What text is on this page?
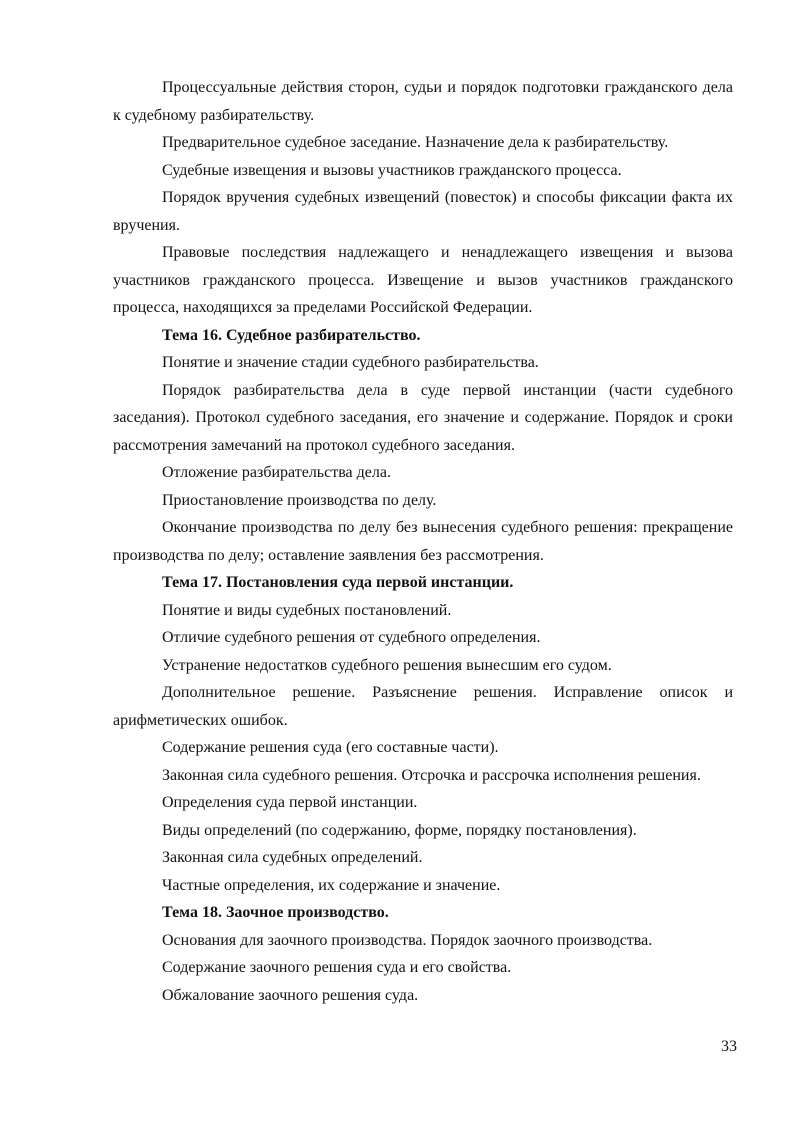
Процессуальные действия сторон, судьи и порядок подготовки гражданского дела к судебному разбирательству.

Предварительное судебное заседание. Назначение дела к разбирательству.

Судебные извещения и вызовы участников гражданского процесса.

Порядок вручения судебных извещений (повесток) и способы фиксации факта их вручения.

Правовые последствия надлежащего и ненадлежащего извещения и вызова участников гражданского процесса. Извещение и вызов участников гражданского процесса, находящихся за пределами Российской Федерации.

Тема 16. Судебное разбирательство.

Понятие и значение стадии судебного разбирательства.

Порядок разбирательства дела в суде первой инстанции (части судебного заседания). Протокол судебного заседания, его значение и содержание. Порядок и сроки рассмотрения замечаний на протокол судебного заседания.

Отложение разбирательства дела.

Приостановление производства по делу.

Окончание производства по делу без вынесения судебного решения: прекращение производства по делу; оставление заявления без рассмотрения.

Тема 17. Постановления суда первой инстанции.

Понятие и виды судебных постановлений.

Отличие судебного решения от судебного определения.

Устранение недостатков судебного решения вынесшим его судом.

Дополнительное решение. Разъяснение решения. Исправление описок и арифметических ошибок.

Содержание решения суда (его составные части).

Законная сила судебного решения. Отсрочка и рассрочка исполнения решения.

Определения суда первой инстанции.

Виды определений (по содержанию, форме, порядку постановления).

Законная сила судебных определений.

Частные определения, их содержание и значение.

Тема 18. Заочное производство.

Основания для заочного производства. Порядок заочного производства.

Содержание заочного решения суда и его свойства.

Обжалование заочного решения суда.

33
